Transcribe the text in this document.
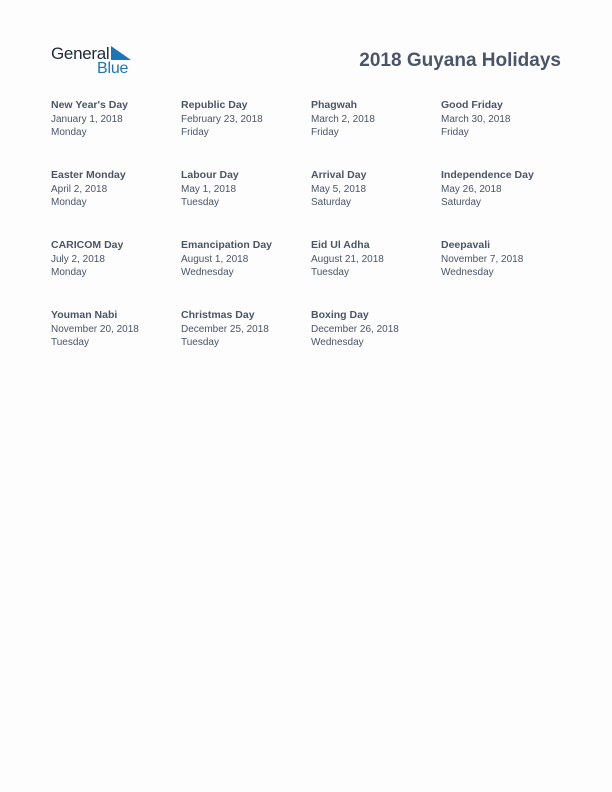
General
Blue	2018 Guyana Holidays
New Year's Day
January 1, 2018
Monday
Republic Day
February 23, 2018
Friday
Phagwah
March 2, 2018
Friday
Good Friday
March 30, 2018
Friday
Easter Monday
April 2, 2018
Monday
Labour Day
May 1, 2018
Tuesday
Arrival Day
May 5, 2018
Saturday
Independence Day
May 26, 2018
Saturday
CARICOM Day
July 2, 2018
Monday
Emancipation Day
August 1, 2018
Wednesday
Eid Ul Adha
August 21, 2018
Tuesday
Deepavali
November 7, 2018
Wednesday
Youman Nabi
November 20, 2018
Tuesday
Christmas Day
December 25, 2018
Tuesday
Boxing Day
December 26, 2018
Wednesday
